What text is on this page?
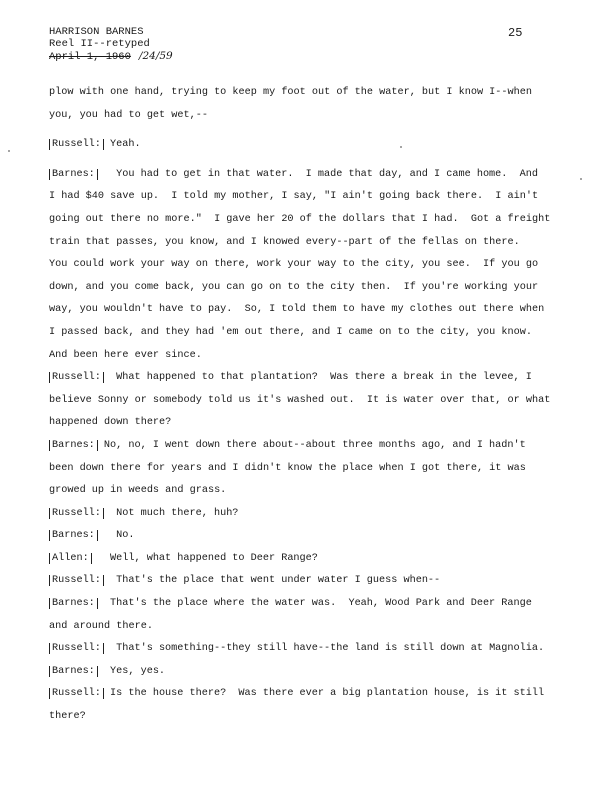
HARRISON BARNES
Reel II--retyped
April 1, 1960 /24/59
25
plow with one hand, trying to keep my foot out of the water, but I know I--when
you, you had to get wet,--
Russell: Yeah.
Barnes:   You had to get in that water.  I made that day, and I came home.  And
I had $40 save up.  I told my mother, I say, "I ain't going back there.  I ain't
going out there no more."  I gave her 20 of the dollars that I had.  Got a freight
train that passes, you know, and I knowed every--part of the fellas on there.
You could work your way on there, work your way to the city, you see.  If you go
down, and you come back, you can go on to the city then.  If you're working your
way, you wouldn't have to pay.  So, I told them to have my clothes out there when
I passed back, and they had 'em out there, and I came on to the city, you know.
And been here ever since.
Russell:  What happened to that plantation?  Was there a break in the levee, I
believe Sonny or somebody told us it's washed out.  It is water over that, or what
happened down there?
Barnes: No, no, I went down there about--about three months ago, and I hadn't
been down there for years and I didn't know the place when I got there, it was
growed up in weeds and grass.
Russell:  Not much there, huh?
Barnes:   No.
Allen:   Well, what happened to Deer Range?
Russell:  That's the place that went under water I guess when--
Barnes:  That's the place where the water was.  Yeah, Wood Park and Deer Range
and around there.
Russell:  That's something--they still have--the land is still down at Magnolia.
Barnes:  Yes, yes.
Russell: Is the house there?  Was there ever a big plantation house, is it still
there?
